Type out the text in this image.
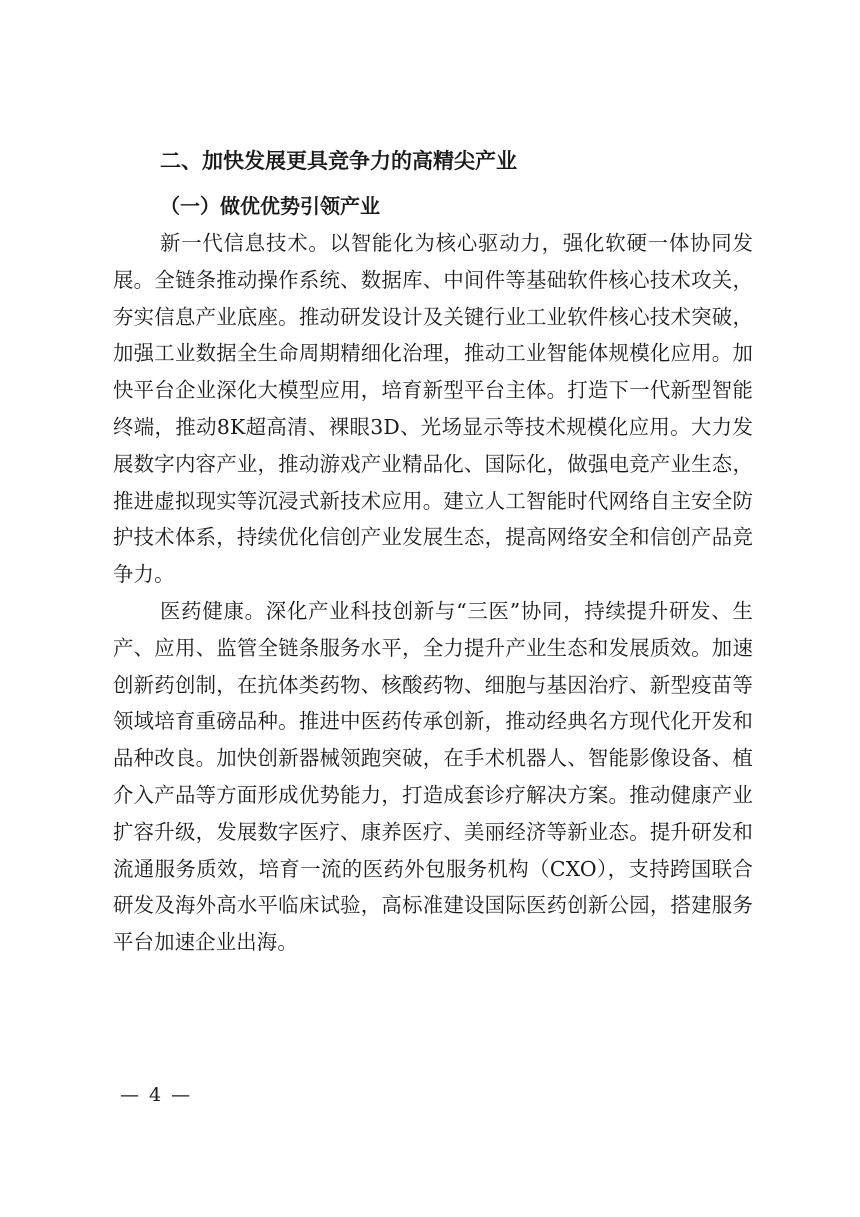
二、加快发展更具竞争力的高精尖产业
（一）做优优势引领产业

新一代信息技术。以智能化为核心驱动力，强化软硬一体协同发展。全链条推动操作系统、数据库、中间件等基础软件核心技术攻关，夯实信息产业底座。推动研发设计及关键行业工业软件核心技术突破，加强工业数据全生命周期精细化治理，推动工业智能体规模化应用。加快平台企业深化大模型应用，培育新型平台主体。打造下一代新型智能终端，推动8K超高清、裸眼3D、光场显示等技术规模化应用。大力发展数字内容产业，推动游戏产业精品化、国际化，做强电竞产业生态，推进虚拟现实等沉浸式新技术应用。建立人工智能时代网络自主安全防护技术体系，持续优化信创产业发展生态，提高网络安全和信创产品竞争力。

医药健康。深化产业科技创新与“三医”协同，持续提升研发、生产、应用、监管全链条服务水平，全力提升产业生态和发展质效。加速创新药创制，在抗体类药物、核酸药物、细胞与基因治疗、新型疫苗等领域培育重磅品种。推进中医药传承创新，推动经典名方现代化开发和品种改良。加快创新器械领跑突破，在手术机器人、智能影像设备、植介入产品等方面形成优势能力，打造成套诊疗解决方案。推动健康产业扩容升级，发展数字医疗、康养医疗、美丽经济等新业态。提升研发和流通服务质效，培育一流的医药外包服务机构（CXO），支持跨国联合研发及海外高水平临床试验，高标准建设国际医药创新公园，搭建服务平台加速企业出海。

— 4 —
